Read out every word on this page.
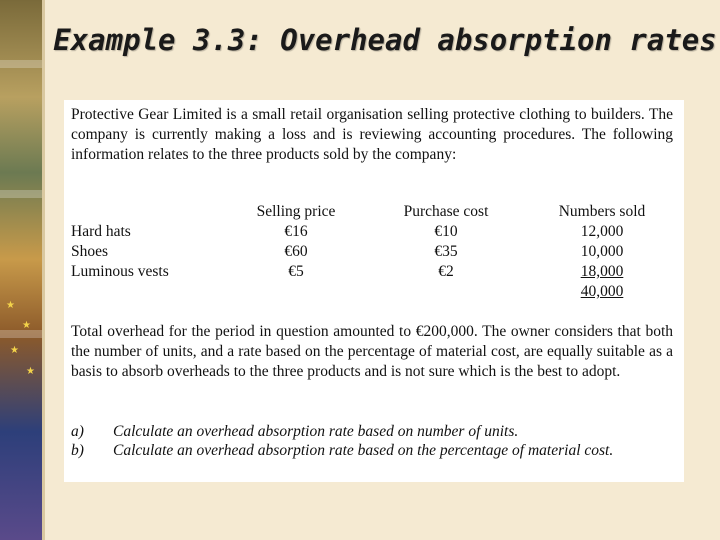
★
★
★
★
Example 3.3: Overhead absorption rates

Protective Gear Limited is a small retail organisation selling protective clothing to builders. The company is currently making a loss and is reviewing accounting procedures. The following information relates to the three products sold by the company:

	Selling price	Purchase cost	Numbers sold
Hard hats	€16	€10	12,000
Shoes	€60	€35	10,000
Luminous vests	€5	€2	18,000
			40,000

Total overhead for the period in question amounted to €200,000. The owner considers that both the number of units, and a rate based on the percentage of material cost, are equally suitable as a basis to absorb overheads to the three products and is not sure which is the best to adopt.

a)	Calculate an overhead absorption rate based on number of units.
b)	Calculate an overhead absorption rate based on the percentage of material cost.
